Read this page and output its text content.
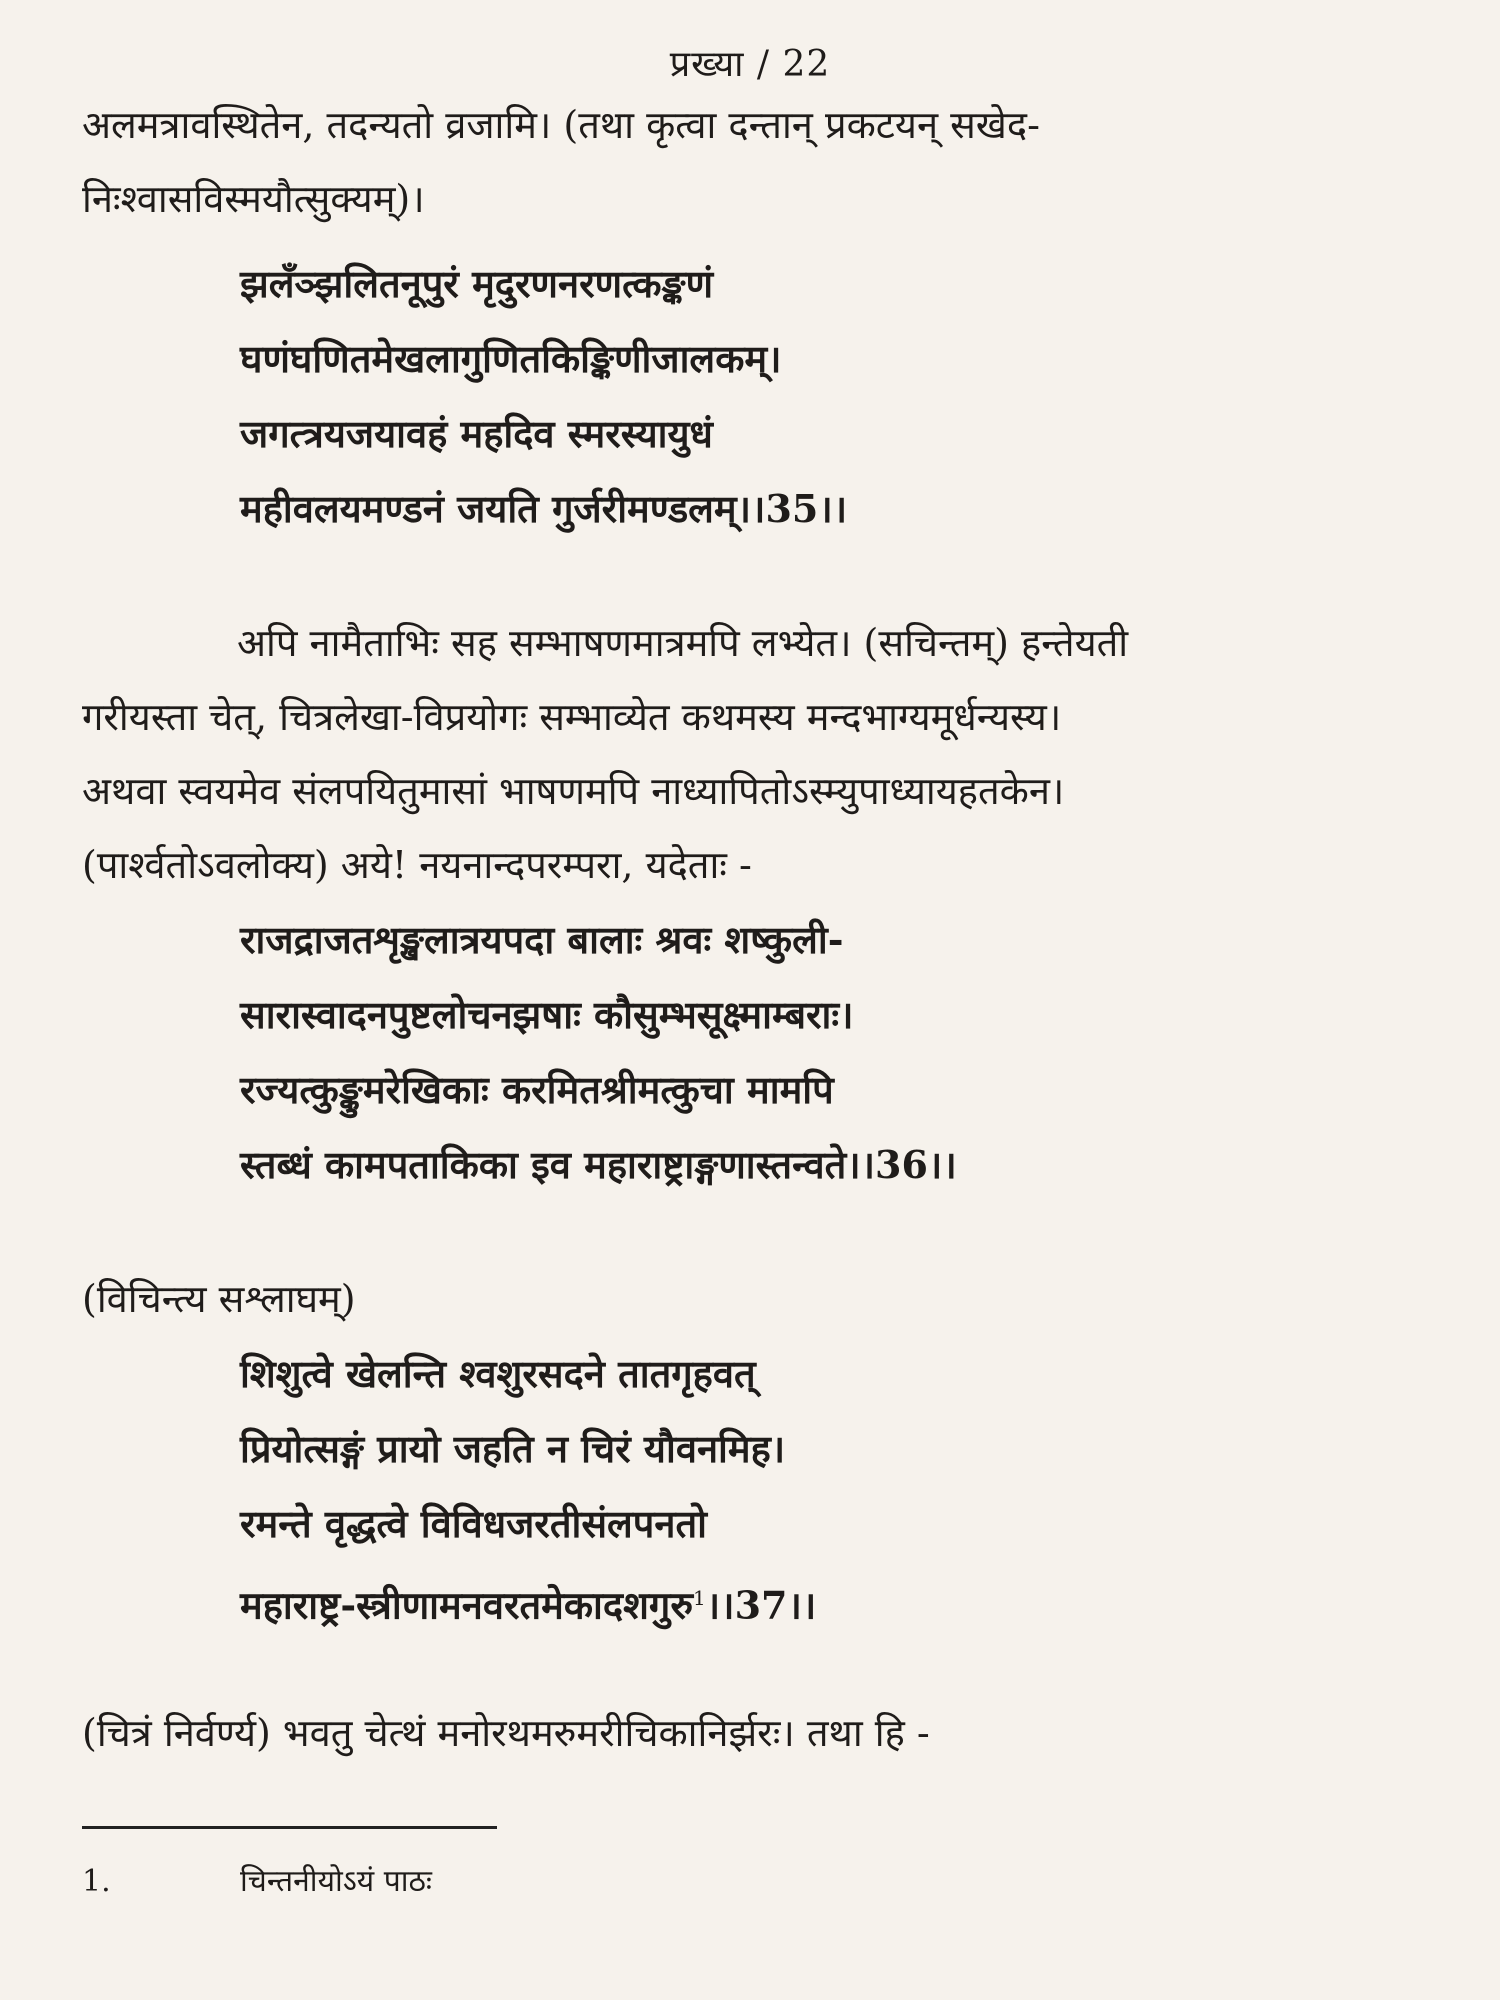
प्रख्या / 22
अलमत्रावस्थितेन, तदन्यतो व्रजामि। (तथा कृत्वा दन्तान् प्रकटयन् सखेद-
निःश्वासविस्मयौत्सुक्यम्)।
झलँञ्झलितनूपुरं मृदुरणनरणत्कङ्कणं
घणंघणितमेखलागुणितकिङ्किणीजालकम्।
जगत्त्रयजयावहं महदिव स्मरस्यायुधं
महीवलयमण्डनं जयति गुर्जरीमण्डलम्।।35।।
अपि नामैताभिः सह सम्भाषणमात्रमपि लभ्येत। (सचिन्तम्) हन्तेयती
गरीयस्ता चेत्, चित्रलेखा-विप्रयोगः सम्भाव्येत कथमस्य मन्दभाग्यमूर्धन्यस्य।
अथवा स्वयमेव संलपयितुमासां भाषणमपि नाध्यापितोऽस्म्युपाध्यायहतकेन।
(पार्श्वतोऽवलोक्य) अये! नयनान्दपरम्परा, यदेताः -
राजद्राजतशृङ्खलात्रयपदा बालाः श्रवः शष्कुली-
सारास्वादनपुष्टलोचनझषाः कौसुम्भसूक्ष्माम्बराः।
रज्यत्कुङ्कुमरेखिकाः करमितश्रीमत्कुचा मामपि
स्तब्धं कामपताकिका इव महाराष्ट्राङ्गणास्तन्वते।।36।।
(विचिन्त्य सश्लाघम्)
शिशुत्वे खेलन्ति श्वशुरसदने तातगृहवत्
प्रियोत्सङ्गं प्रायो जहति न चिरं यौवनमिह।
रमन्ते वृद्धत्वे विविधजरतीसंलपनतो
महाराष्ट्र-स्त्रीणामनवरतमेकादशगुरु$^1$।।37।।
(चित्रं निर्वर्ण्य) भवतु चेत्थं मनोरथमरुमरीचिकानिर्झरः। तथा हि -
1.	चिन्तनीयोऽयं पाठः
